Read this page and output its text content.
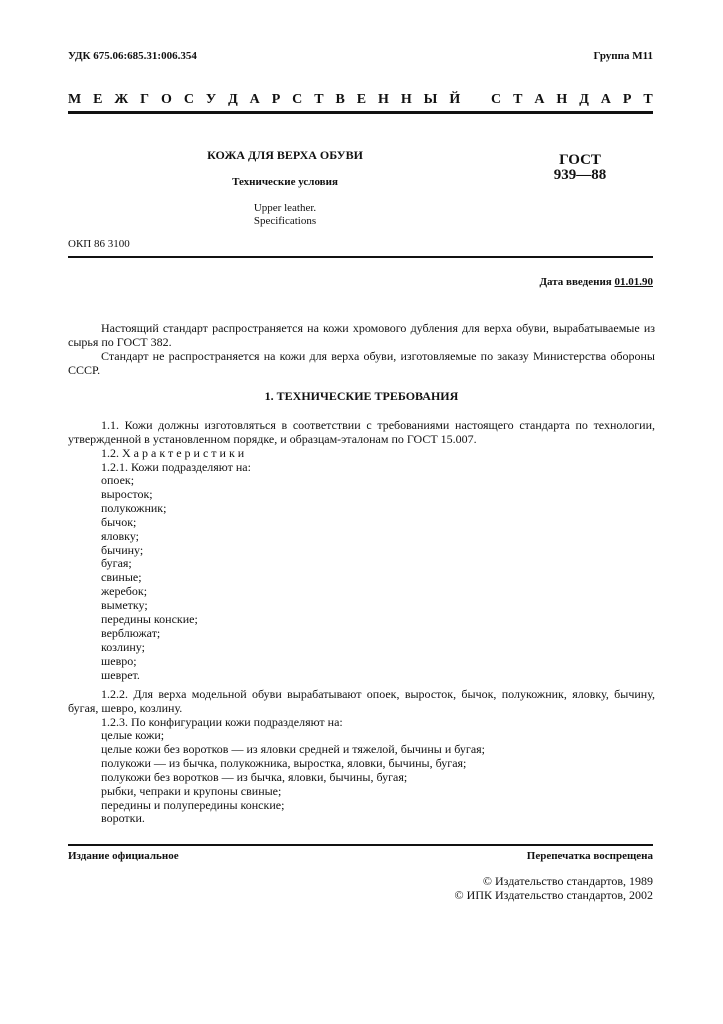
УДК 675.06:685.31:006.354	Группа М11
М Е Ж Г О С У Д А Р С Т В Е Н Н Ы Й
С Т А Н Д А Р Т
КОЖА ДЛЯ ВЕРХА ОБУВИ
Технические условия
Upper leather.
Specifications
ГОСТ
939—88
ОКП 86 3100
Дата введения 01.01.90
Настоящий стандарт распространяется на кожи хромового дубления для верха обуви, вырабатываемые из сырья по ГОСТ 382.
Стандарт не распространяется на кожи для верха обуви, изготовляемые по заказу Министерства обороны СССР.
1. ТЕХНИЧЕСКИЕ ТРЕБОВАНИЯ
1.1. Кожи должны изготовляться в соответствии с требованиями настоящего стандарта по технологии, утвержденной в установленном порядке, и образцам-эталонам по ГОСТ 15.007.
1.2. Характеристики
1.2.1. Кожи подразделяют на:
опоек;
выросток;
полукожник;
бычок;
яловку;
бычину;
бугая;
свиные;
жеребок;
выметку;
передины конские;
верблюжат;
козлину;
шевро;
шеврет.
1.2.2. Для верха модельной обуви вырабатывают опоек, выросток, бычок, полукожник, яловку, бычину, бугая, шевро, козлину.
1.2.3. По конфигурации кожи подразделяют на:
целые кожи;
целые кожи без воротков — из яловки средней и тяжелой, бычины и бугая;
полукожи — из бычка, полукожника, выростка, яловки, бычины, бугая;
полукожи без воротков — из бычка, яловки, бычины, бугая;
рыбки, чепраки и крупоны свиные;
передины и полупередины конские;
воротки.
Издание официальное	Перепечатка воспрещена
© Издательство стандартов, 1989
© ИПК Издательство стандартов, 2002
